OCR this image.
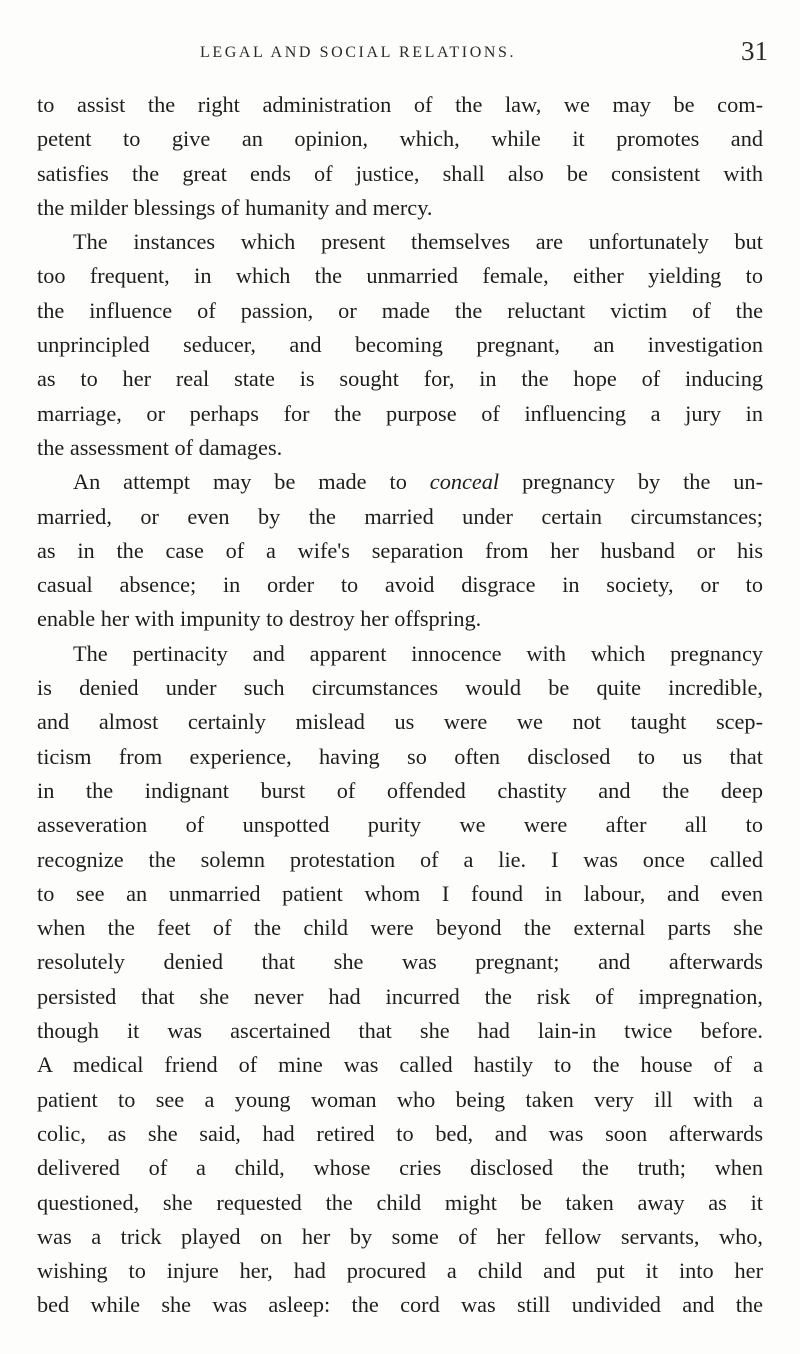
LEGAL AND SOCIAL RELATIONS.	31
to assist the right administration of the law, we may be com-
petent to give an opinion, which, while it promotes and
satisfies the great ends of justice, shall also be consistent with
the milder blessings of humanity and mercy.
The instances which present themselves are unfortunately but
too frequent, in which the unmarried female, either yielding to
the influence of passion, or made the reluctant victim of the
unprincipled seducer, and becoming pregnant, an investigation
as to her real state is sought for, in the hope of inducing
marriage, or perhaps for the purpose of influencing a jury in
the assessment of damages.
An attempt may be made to conceal pregnancy by the un-
married, or even by the married under certain circumstances;
as in the case of a wife's separation from her husband or his
casual absence; in order to avoid disgrace in society, or to
enable her with impunity to destroy her offspring.
The pertinacity and apparent innocence with which pregnancy
is denied under such circumstances would be quite incredible,
and almost certainly mislead us were we not taught scep-
ticism from experience, having so often disclosed to us that
in the indignant burst of offended chastity and the deep
asseveration of unspotted purity we were after all to
recognize the solemn protestation of a lie. I was once called
to see an unmarried patient whom I found in labour, and even
when the feet of the child were beyond the external parts she
resolutely denied that she was pregnant; and afterwards
persisted that she never had incurred the risk of impregnation,
though it was ascertained that she had lain-in twice before.
A medical friend of mine was called hastily to the house of a
patient to see a young woman who being taken very ill with a
colic, as she said, had retired to bed, and was soon afterwards
delivered of a child, whose cries disclosed the truth; when
questioned, she requested the child might be taken away as it
was a trick played on her by some of her fellow servants, who,
wishing to injure her, had procured a child and put it into her
bed while she was asleep: the cord was still undivided and the
